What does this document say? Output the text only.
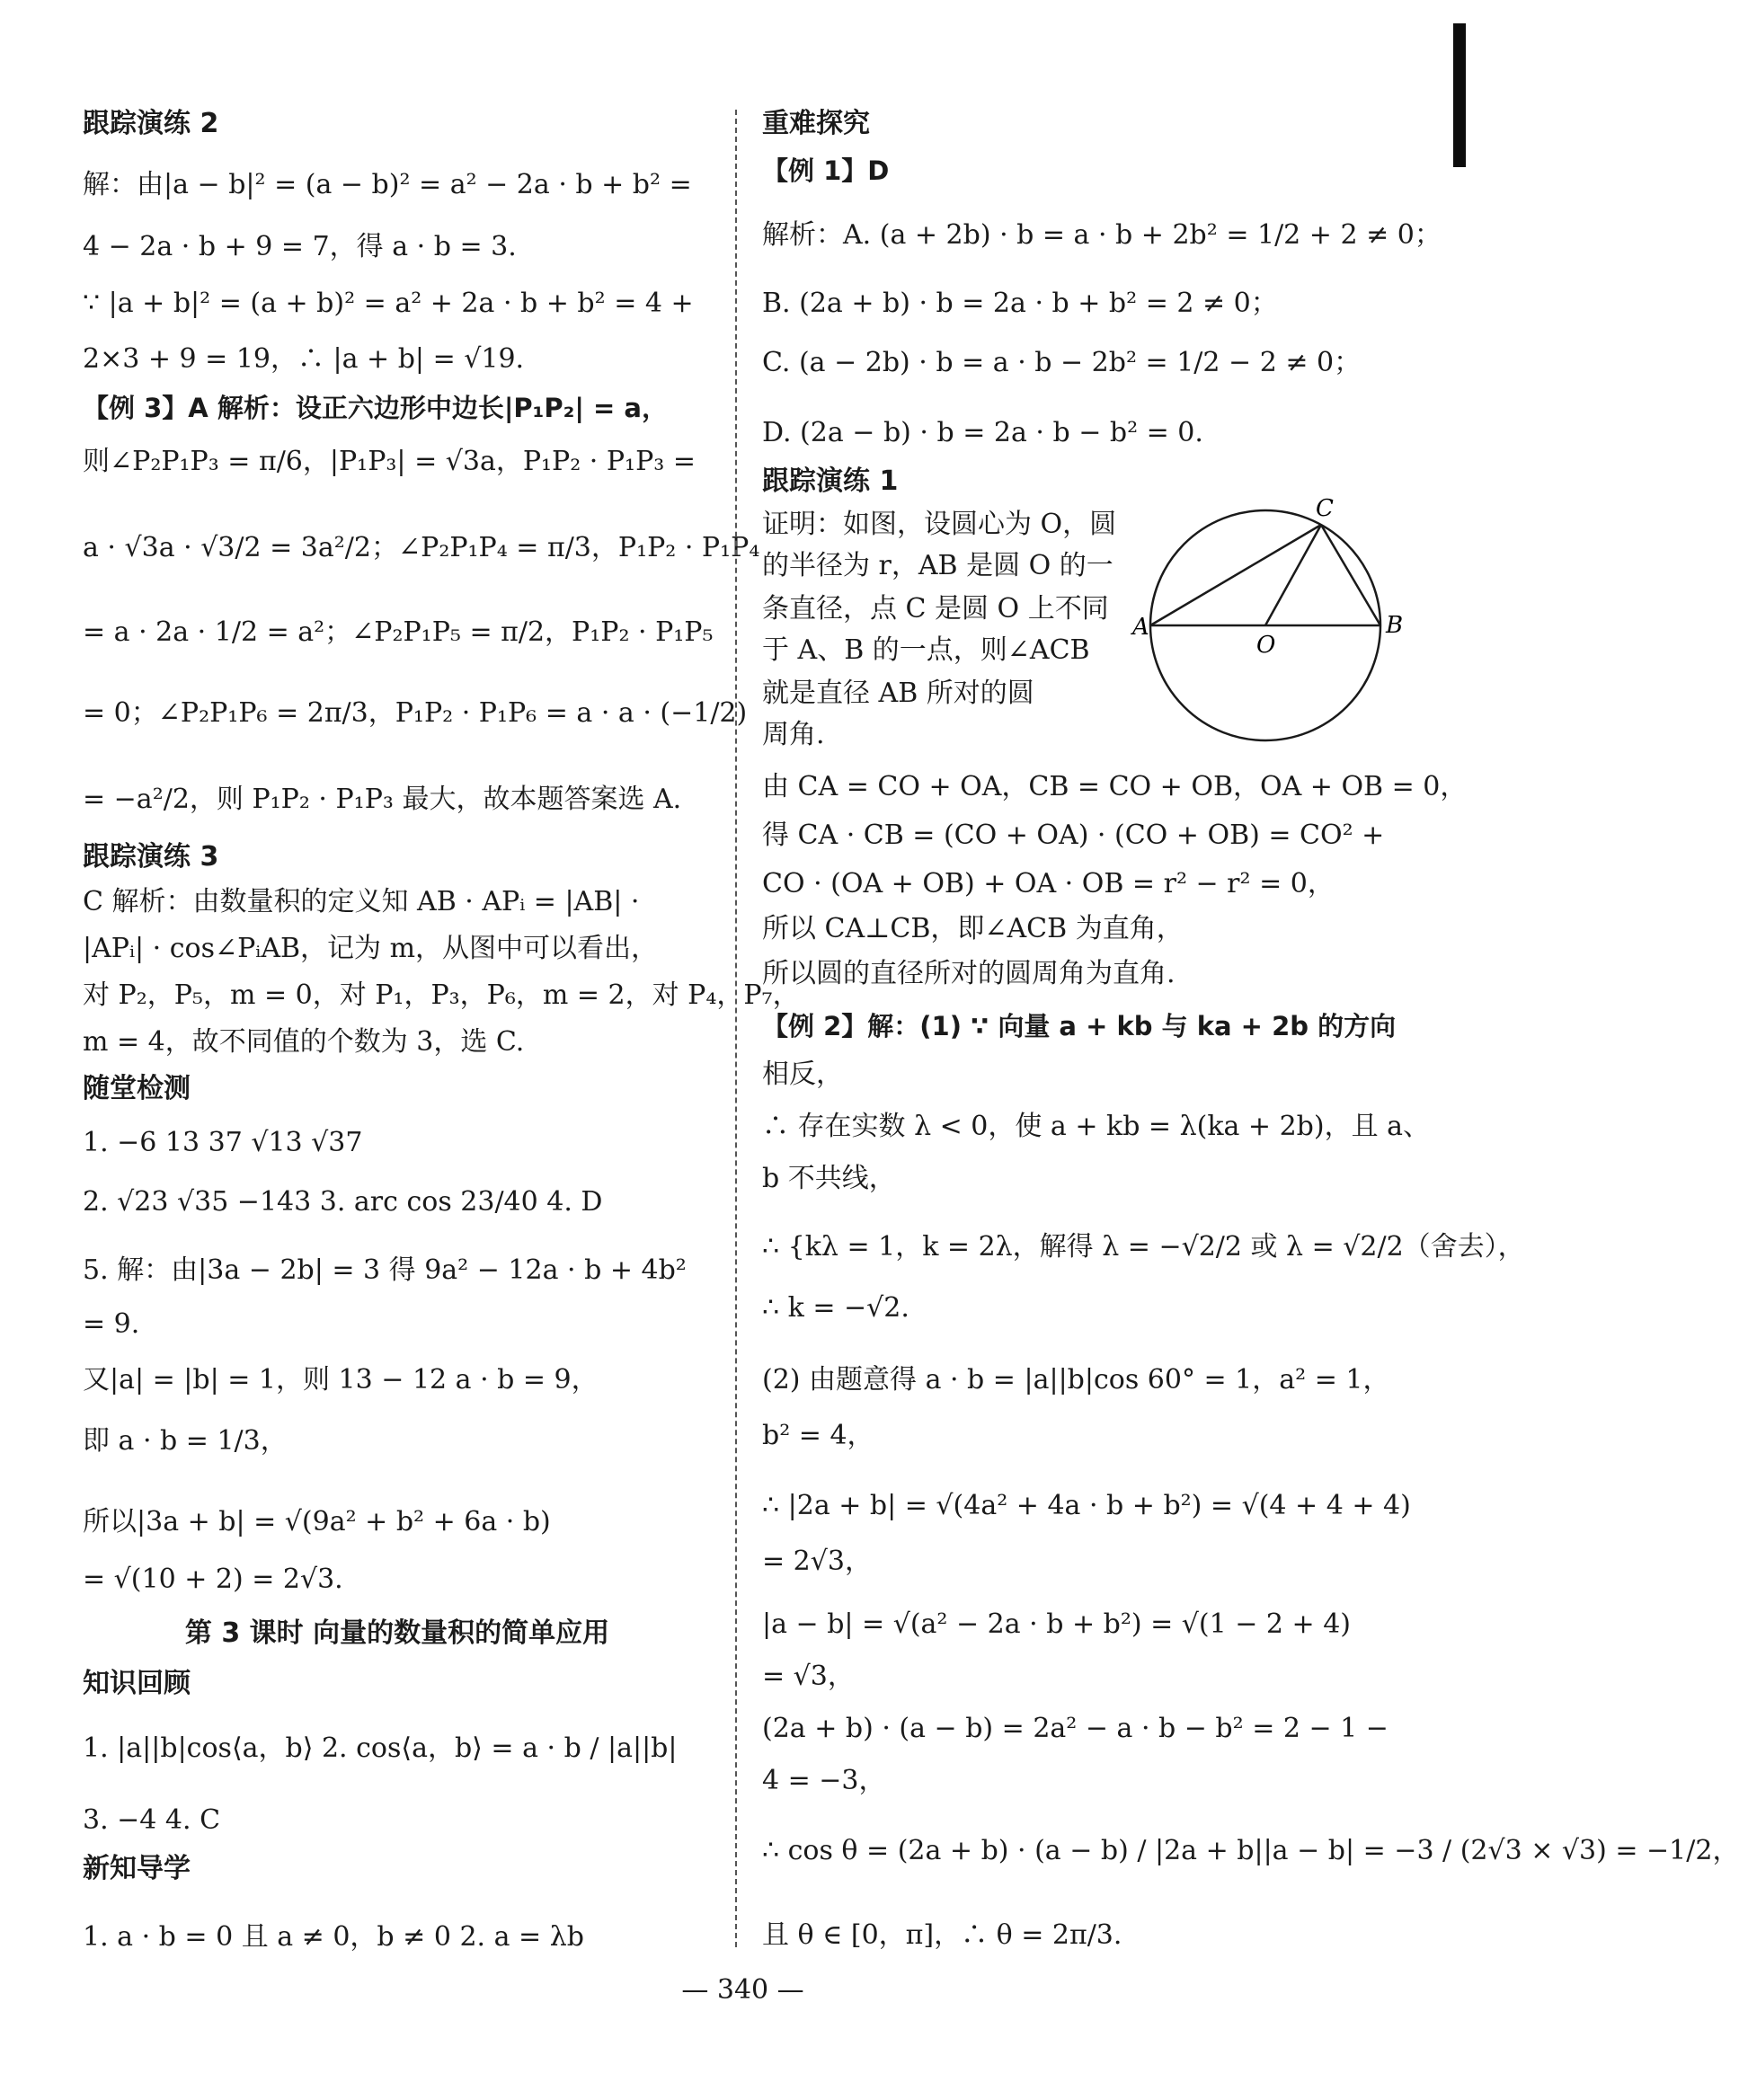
跟踪演练 2
解：由|a − b|² = (a − b)² = a² − 2a · b + b² =
4 − 2a · b + 9 = 7，得 a · b = 3.
∵ |a + b|² = (a + b)² = a² + 2a · b + b² = 4 +
2×3 + 9 = 19，∴ |a + b| = √19.
【例 3】A 解析：设正六边形中边长|P₁P₂| = a，
则∠P₂P₁P₃ = π/6，|P₁P₃| = √3a，P₁P₂ · P₁P₃ =
a · √3a · √3/2 = 3a²/2；∠P₂P₁P₄ = π/3，P₁P₂ · P₁P₄
= a · 2a · 1/2 = a²；∠P₂P₁P₅ = π/2，P₁P₂ · P₁P₅
= 0；∠P₂P₁P₆ = 2π/3，P₁P₂ · P₁P₆ = a · a · (−1/2)
= −a²/2，则 P₁P₂ · P₁P₃ 最大，故本题答案选 A.
跟踪演练 3
C 解析：由数量积的定义知 AB · APᵢ = |AB| ·
|APᵢ| · cos∠PᵢAB，记为 m，从图中可以看出，
对 P₂，P₅，m = 0，对 P₁，P₃，P₆，m = 2，对 P₄，P₇，
m = 4，故不同值的个数为 3，选 C.
随堂检测
1. −6 13 37 √13 √37
2. √23 √35 −143 3. arc cos 23/40 4. D
5. 解：由|3a − 2b| = 3 得 9a² − 12a · b + 4b²
= 9.
又|a| = |b| = 1，则 13 − 12 a · b = 9，
即 a · b = 1/3，
所以|3a + b| = √(9a² + b² + 6a · b)
= √(10 + 2) = 2√3.
第 3 课时 向量的数量积的简单应用
知识回顾
1. |a||b|cos⟨a，b⟩ 2. cos⟨a，b⟩ = a · b / |a||b|
3. −4 4. C
新知导学
1. a · b = 0 且 a ≠ 0，b ≠ 0 2. a = λb
重难探究
【例 1】D
解析：A. (a + 2b) · b = a · b + 2b² = 1/2 + 2 ≠ 0；
B. (2a + b) · b = 2a · b + b² = 2 ≠ 0；
C. (a − 2b) · b = a · b − 2b² = 1/2 − 2 ≠ 0；
D. (2a − b) · b = 2a · b − b² = 0.
跟踪演练 1
证明：如图，设圆心为 O，圆
的半径为 r，AB 是圆 O 的一
条直径，点 C 是圆 O 上不同
于 A、B 的一点，则∠ACB
就是直径 AB 所对的圆
周角.
由 CA = CO + OA，CB = CO + OB，OA + OB = 0，
得 CA · CB = (CO + OA) · (CO + OB) = CO² +
CO · (OA + OB) + OA · OB = r² − r² = 0，
所以 CA⊥CB，即∠ACB 为直角，
所以圆的直径所对的圆周角为直角.
【例 2】解：(1) ∵ 向量 a + kb 与 ka + 2b 的方向
相反，
∴ 存在实数 λ < 0，使 a + kb = λ(ka + 2b)，且 a、
b 不共线，
∴ {kλ = 1，k = 2λ，解得 λ = −√2/2 或 λ = √2/2（舍去），
∴ k = −√2.
(2) 由题意得 a · b = |a||b|cos 60° = 1，a² = 1，
b² = 4，
∴ |2a + b| = √(4a² + 4a · b + b²) = √(4 + 4 + 4)
= 2√3，
|a − b| = √(a² − 2a · b + b²) = √(1 − 2 + 4)
= √3，
(2a + b) · (a − b) = 2a² − a · b − b² = 2 − 1 −
4 = −3，
∴ cos θ = (2a + b) · (a − b) / |2a + b||a − b| = −3 / (2√3 × √3) = −1/2，
且 θ ∈ [0，π]，∴ θ = 2π/3.
A	B
C
O
— 340 —
